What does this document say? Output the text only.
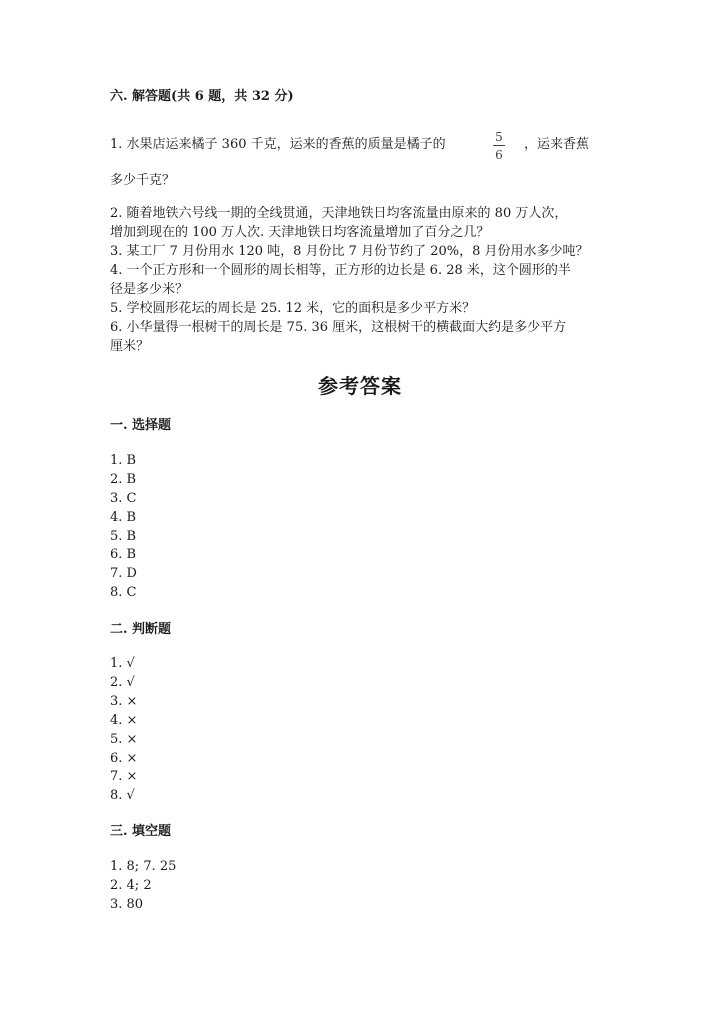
六. 解答题(共 6 题，共 32 分)
1. 水果店运来橘子 360 千克，运来的香蕉的质量是橘子的	5
6
，运来香蕉
多少千克？
2. 随着地铁六号线一期的全线贯通，天津地铁日均客流量由原来的 80 万人次，
增加到现在的 100 万人次. 天津地铁日均客流量增加了百分之几？
3. 某工厂 7 月份用水 120 吨，8 月份比 7 月份节约了 20%，8 月份用水多少吨？
4. 一个正方形和一个圆形的周长相等，正方形的边长是 6. 28 米，这个圆形的半
径是多少米？
5. 学校圆形花坛的周长是 25. 12 米，它的面积是多少平方米？
6. 小华量得一根树干的周长是 75. 36 厘米，这根树干的横截面大约是多少平方
厘米？
参考答案
一. 选择题
1. B
2. B
3. C
4. B
5. B
6. B
7. D
8. C
二. 判断题
1. √
2. √
3. ×
4. ×
5. ×
6. ×
7. ×
8. √
三. 填空题
1. 8; 7. 25
2. 4; 2
3. 80
